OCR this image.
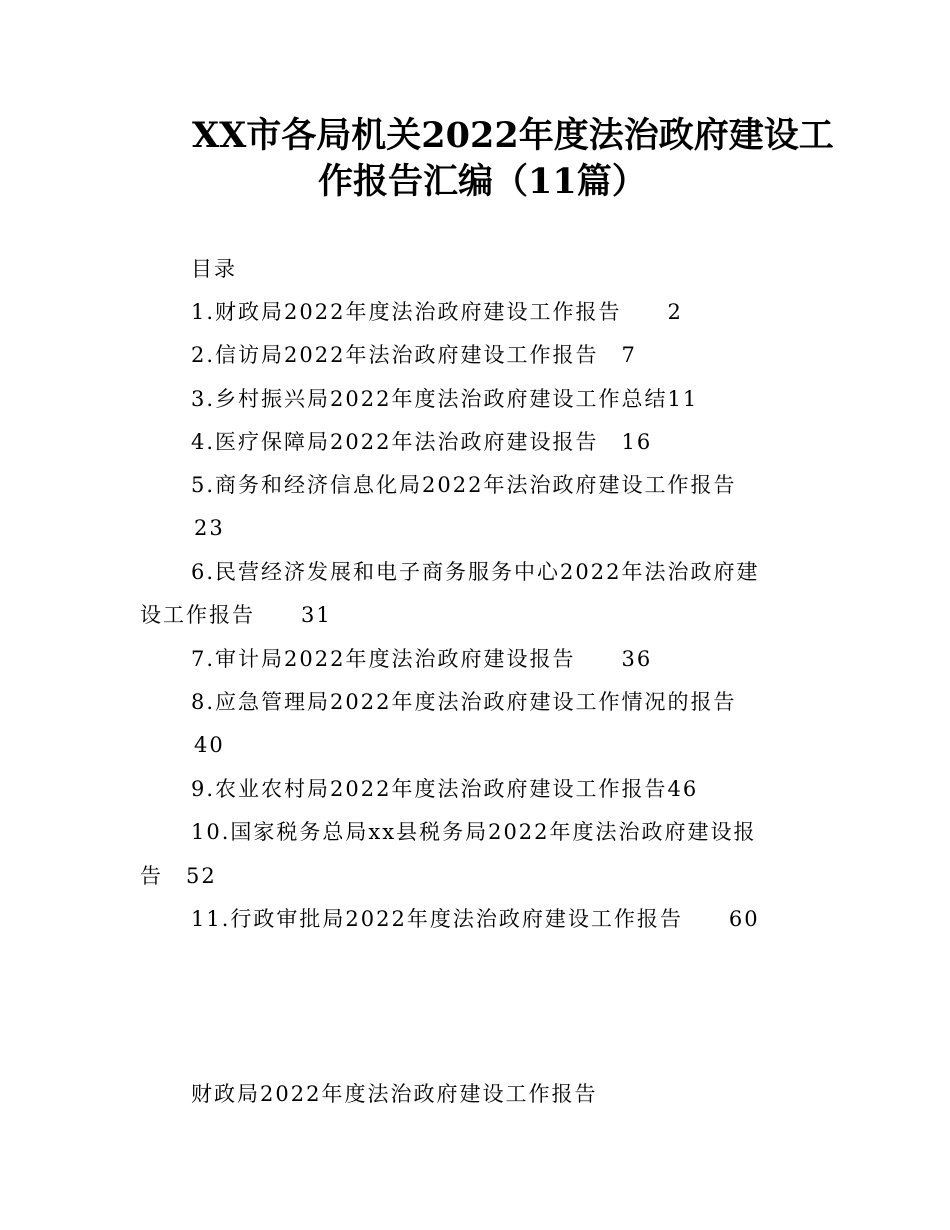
XX市各局机关2022年度法治政府建设工
作报告汇编（11篇）
目录
1.财政局2022年度法治政府建设工作报告　　2
2.信访局2022年法治政府建设工作报告　7
3.乡村振兴局2022年度法治政府建设工作总结11
4.医疗保障局2022年法治政府建设报告　16
5.商务和经济信息化局2022年法治政府建设工作报告
23
6.民营经济发展和电子商务服务中心2022年法治政府建
设工作报告　　31
7.审计局2022年度法治政府建设报告　　36
8.应急管理局2022年度法治政府建设工作情况的报告
40
9.农业农村局2022年度法治政府建设工作报告46
10.国家税务总局xx县税务局2022年度法治政府建设报
告　52
11.行政审批局2022年度法治政府建设工作报告　　60
财政局2022年度法治政府建设工作报告
